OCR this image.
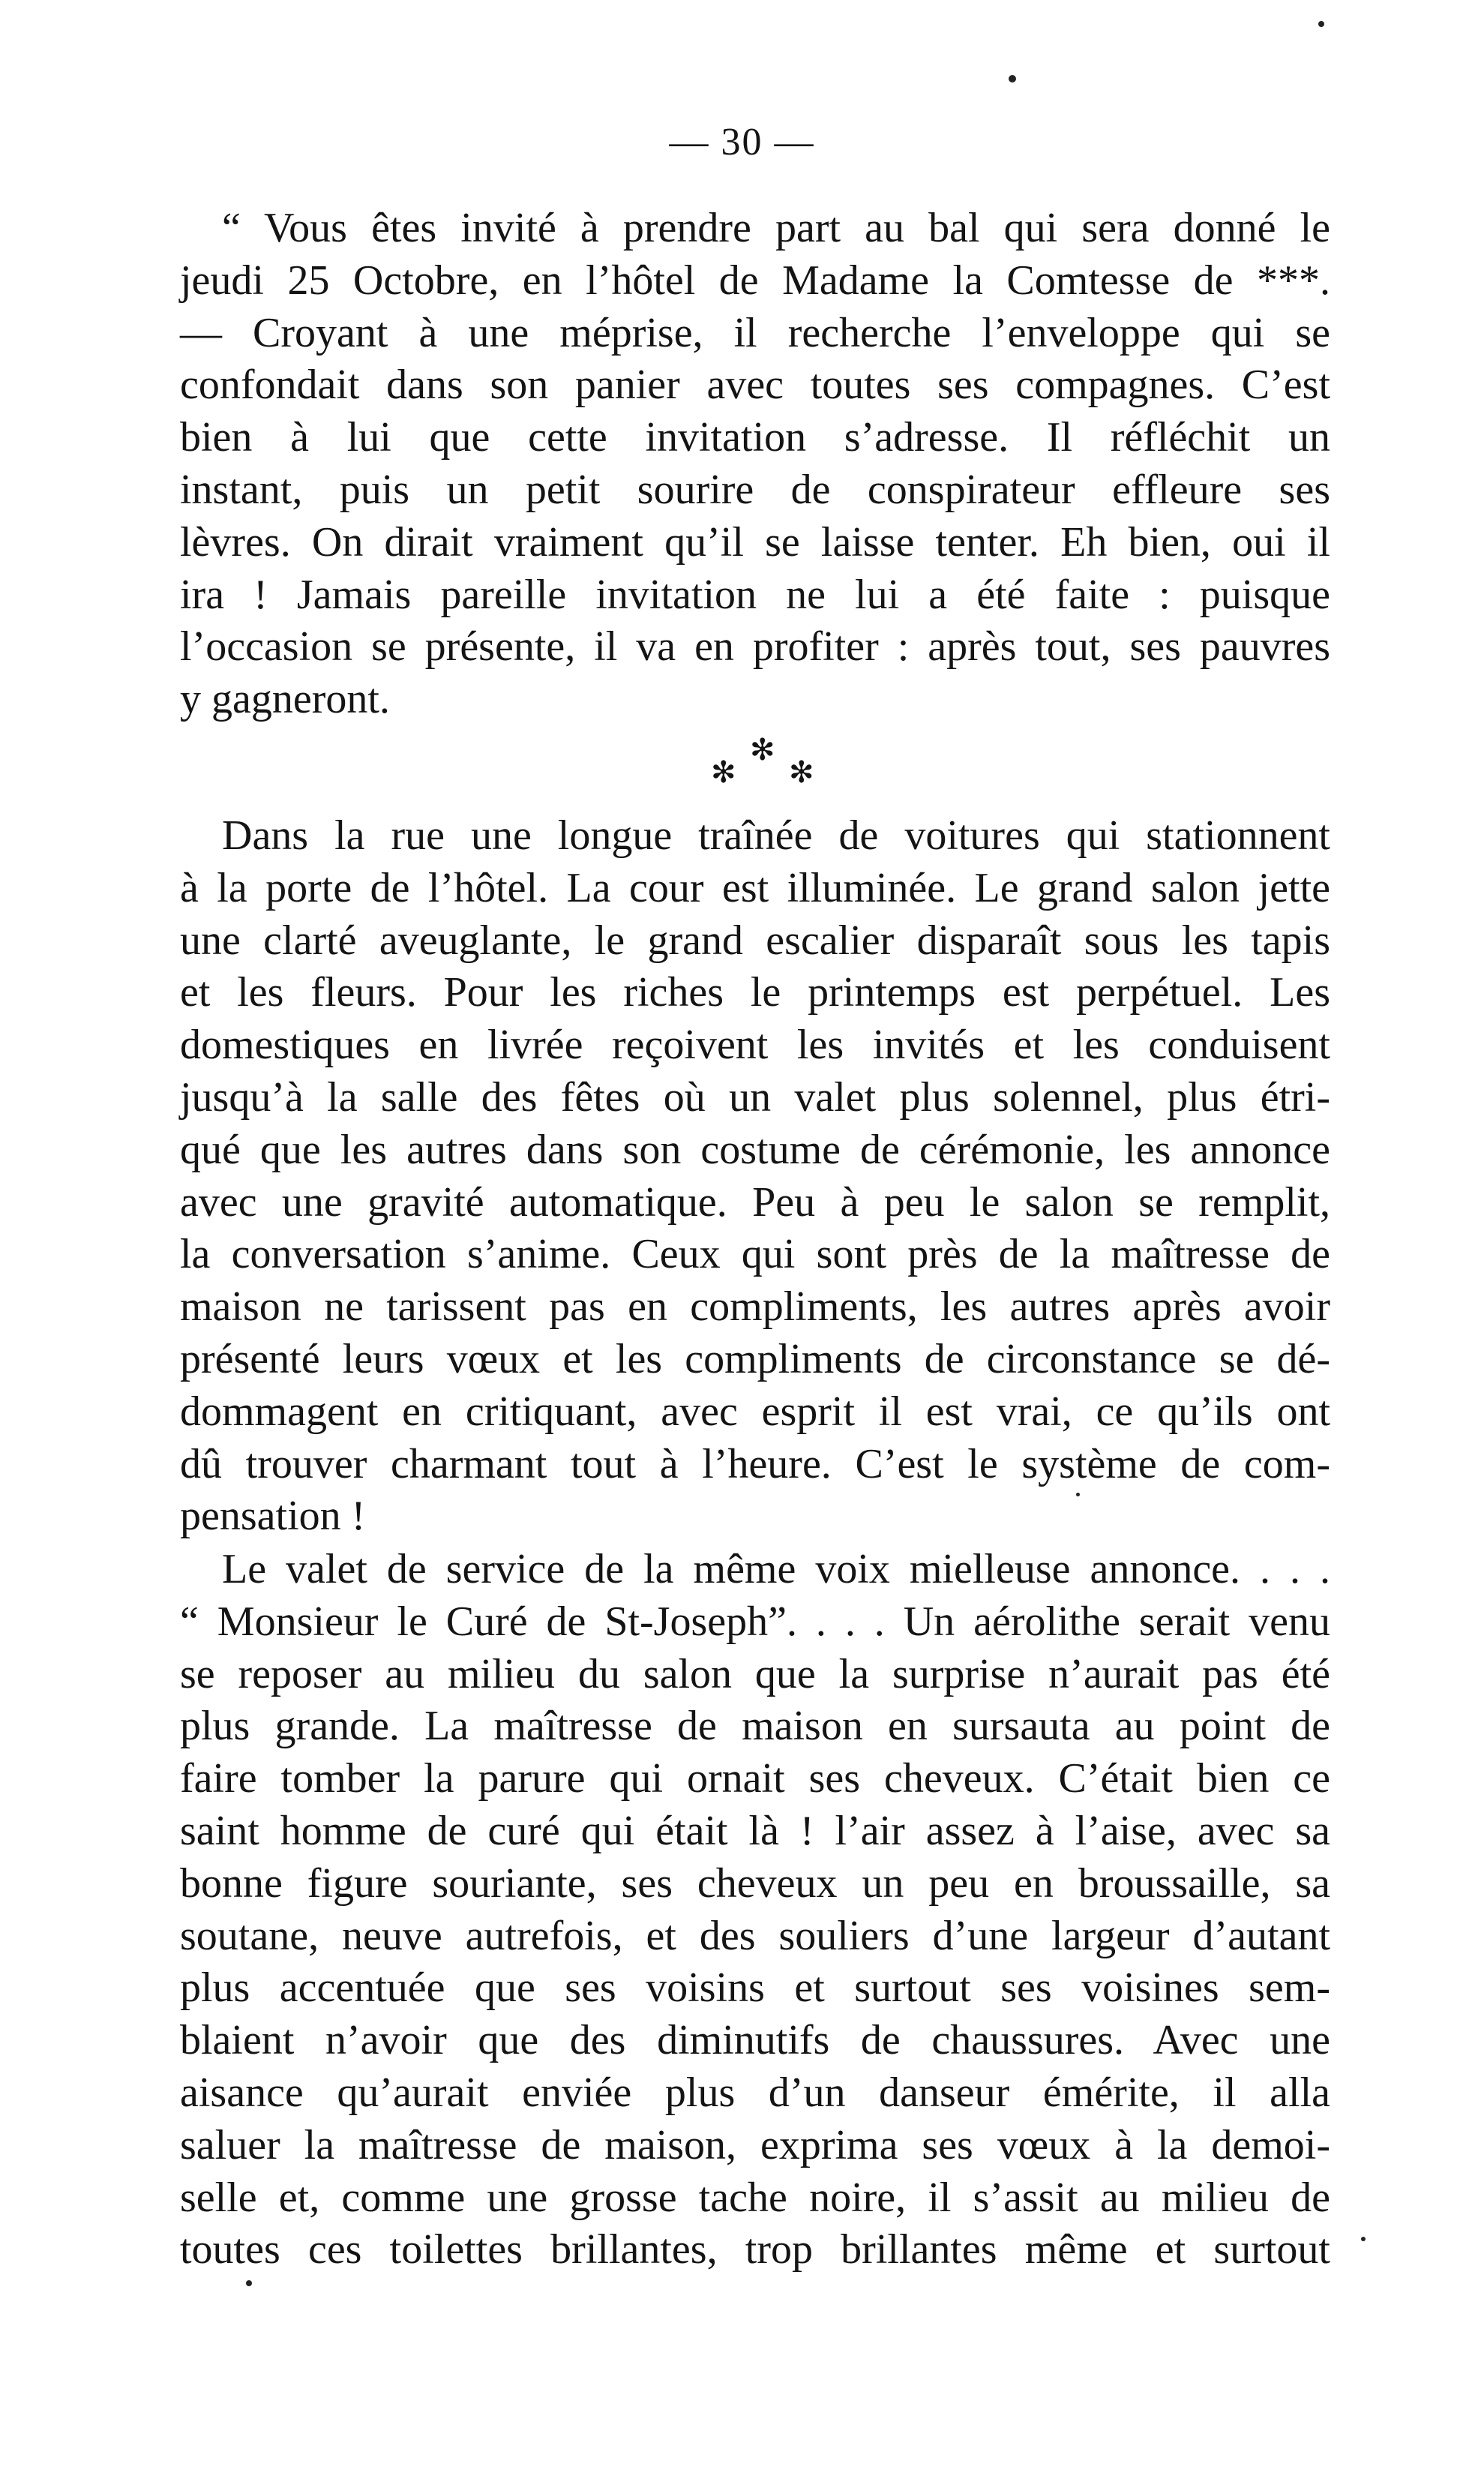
— 30 —
“ Vous êtes invité à prendre part au bal qui sera donné le
jeudi 25 Octobre, en l’hôtel de Madame la Comtesse de ***.
— Croyant à une méprise, il recherche l’enveloppe qui se
confondait dans son panier avec toutes ses compagnes. C’est
bien à lui que cette invitation s’adresse. Il réfléchit un
instant, puis un petit sourire de conspirateur effleure ses
lèvres. On dirait vraiment qu’il se laisse tenter. Eh bien, oui il
ira ! Jamais pareille invitation ne lui a été faite : puisque
l’occasion se présente, il va en profiter : après tout, ses pauvres
y gagneront.
✻
✻ ✻
Dans la rue une longue traînée de voitures qui stationnent
à la porte de l’hôtel. La cour est illuminée. Le grand salon jette
une clarté aveuglante, le grand escalier disparaît sous les tapis
et les fleurs. Pour les riches le printemps est perpétuel. Les
domestiques en livrée reçoivent les invités et les conduisent
jusqu’à la salle des fêtes où un valet plus solennel, plus étri-
qué que les autres dans son costume de cérémonie, les annonce
avec une gravité automatique. Peu à peu le salon se remplit,
la conversation s’anime. Ceux qui sont près de la maîtresse de
maison ne tarissent pas en compliments, les autres après avoir
présenté leurs vœux et les compliments de circonstance se dé-
dommagent en critiquant, avec esprit il est vrai, ce qu’ils ont
dû trouver charmant tout à l’heure. C’est le système de com-
pensation !
Le valet de service de la même voix mielleuse annonce. . . .
“ Monsieur le Curé de St-Joseph”. . . . Un aérolithe serait venu
se reposer au milieu du salon que la surprise n’aurait pas été
plus grande. La maîtresse de maison en sursauta au point de
faire tomber la parure qui ornait ses cheveux. C’était bien ce
saint homme de curé qui était là ! l’air assez à l’aise, avec sa
bonne figure souriante, ses cheveux un peu en broussaille, sa
soutane, neuve autrefois, et des souliers d’une largeur d’autant
plus accentuée que ses voisins et surtout ses voisines sem-
blaient n’avoir que des diminutifs de chaussures. Avec une
aisance qu’aurait enviée plus d’un danseur émérite, il alla
saluer la maîtresse de maison, exprima ses vœux à la demoi-
selle et, comme une grosse tache noire, il s’assit au milieu de
toutes ces toilettes brillantes, trop brillantes même et surtout
